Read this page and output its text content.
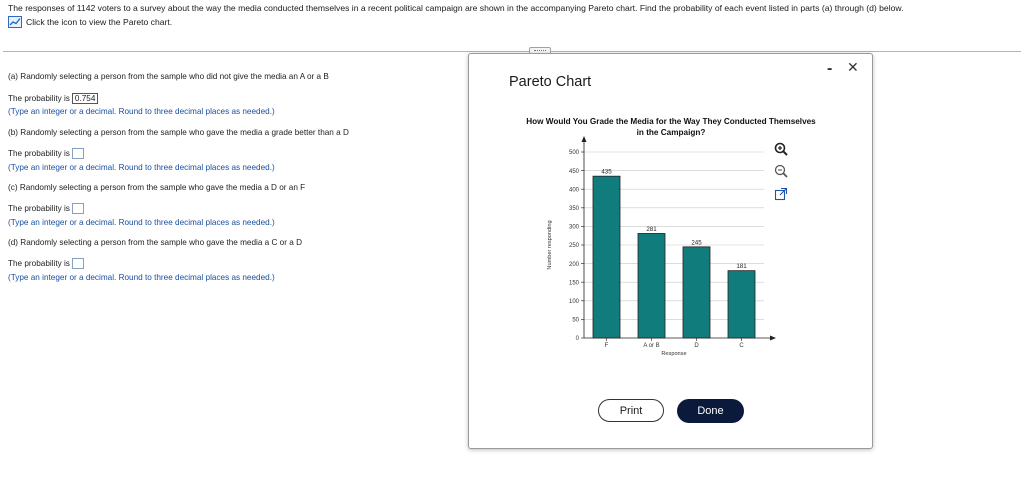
The responses of 1142 voters to a survey about the way the media conducted themselves in a recent political campaign are shown in the accompanying Pareto chart. Find the probability of each event listed in parts (a) through (d) below.
Click the icon to view the Pareto chart.
(a) Randomly selecting a person from the sample who did not give the media an A or a B
The probability is 0.754
(Type an integer or a decimal. Round to three decimal places as needed.)
(b) Randomly selecting a person from the sample who gave the media a grade better than a D
The probability is
(Type an integer or a decimal. Round to three decimal places as needed.)
(c) Randomly selecting a person from the sample who gave the media a D or an F
The probability is
(Type an integer or a decimal. Round to three decimal places as needed.)
(d) Randomly selecting a person from the sample who gave the media a C or a D
The probability is
(Type an integer or a decimal. Round to three decimal places as needed.)
Pareto Chart
- ✕
How Would You Grade the Media for the Way They Conducted Themselves
in the Campaign?
0
50
100
150
200
250
300
350
400
450
500
435
F
281
A or B
245
D
181
C
Response
Number responding
Print	Done
